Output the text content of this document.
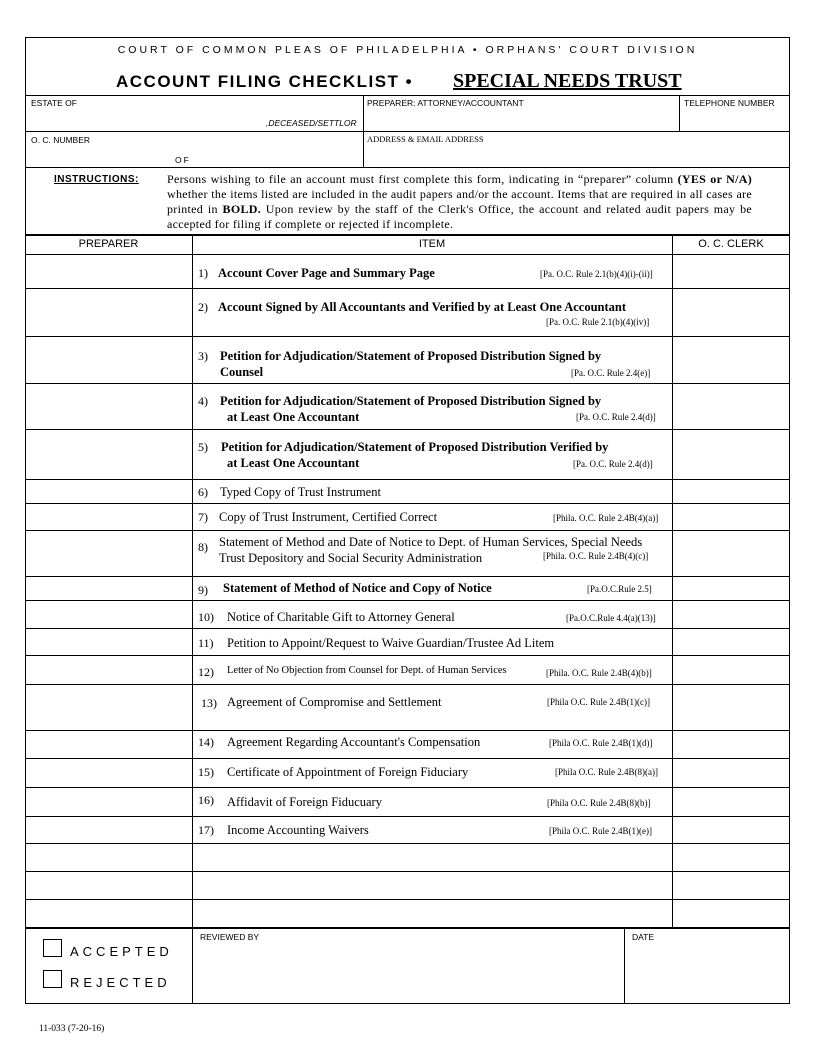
COURT OF COMMON PLEAS OF PHILADELPHIA • ORPHANS' COURT DIVISION
ACCOUNT FILING CHECKLIST • SPECIAL NEEDS TRUST
ESTATE OF
,DECEASED/SETTLOR
PREPARER: ATTORNEY/ACCOUNTANT	TELEPHONE NUMBER
O. C. NUMBER
OF
ADDRESS & EMAIL ADDRESS
INSTRUCTIONS: Persons wishing to file an account must first complete this form, indicating in “preparer” column (YES or N/A) whether the items listed are included in the audit papers and/or the account. Items that are required in all cases are printed in BOLD. Upon review by the staff of the Clerk's Office, the account and related audit papers may be accepted for filing if complete or rejected if incomplete.
PREPARER	ITEM	O. C. CLERK
1) Account Cover Page and Summary Page	[Pa. O.C. Rule 2.1(b)(4)(i)-(ii)]
2) Account Signed by All Accountants and Verified by at Least One Accountant
[Pa. O.C. Rule 2.1(b)(4)(iv)]
3) Petition for Adjudication/Statement of Proposed Distribution Signed by
Counsel	[Pa. O.C. Rule 2.4(e)]
4) Petition for Adjudication/Statement of Proposed Distribution Signed by
at Least One Accountant	[Pa. O.C. Rule 2.4(d)]
5) Petition for Adjudication/Statement of Proposed Distribution Verified by
at Least One Accountant	[Pa. O.C. Rule 2.4(d)]
6) Typed Copy of Trust Instrument
7) Copy of Trust Instrument, Certified Correct	[Phila. O.C. Rule 2.4B(4)(a)]
8) Statement of Method and Date of Notice to Dept. of Human Services, Special Needs
Trust Depository and Social Security Administration	[Phila. O.C. Rule 2.4B(4)(c)]
9) Statement of Method of Notice and Copy of Notice	[Pa.O.C.Rule 2.5]
10) Notice of Charitable Gift to Attorney General	[Pa.O.C.Rule 4.4(a)(13)]
11) Petition to Appoint/Request to Waive Guardian/Trustee Ad Litem
12) Letter of No Objection from Counsel for Dept. of Human Services	[Phila. O.C. Rule 2.4B(4)(b)]
13) Agreement of Compromise and Settlement	[Phila O.C. Rule 2.4B(1)(c)]
14) Agreement Regarding Accountant's Compensation	[Phila O.C. Rule 2.4B(1)(d)]
15) Certificate of Appointment of Foreign Fiduciary	[Phila O.C. Rule 2.4B(8)(a)]
16) Affidavit of Foreign Fiducuary	[Phila O.C. Rule 2.4B(8)(b)]
17) Income Accounting Waivers	[Phila O.C. Rule 2.4B(1)(e)]
ACCEPTED
REJECTED
REVIEWED BY	DATE
11-033 (7-20-16)
